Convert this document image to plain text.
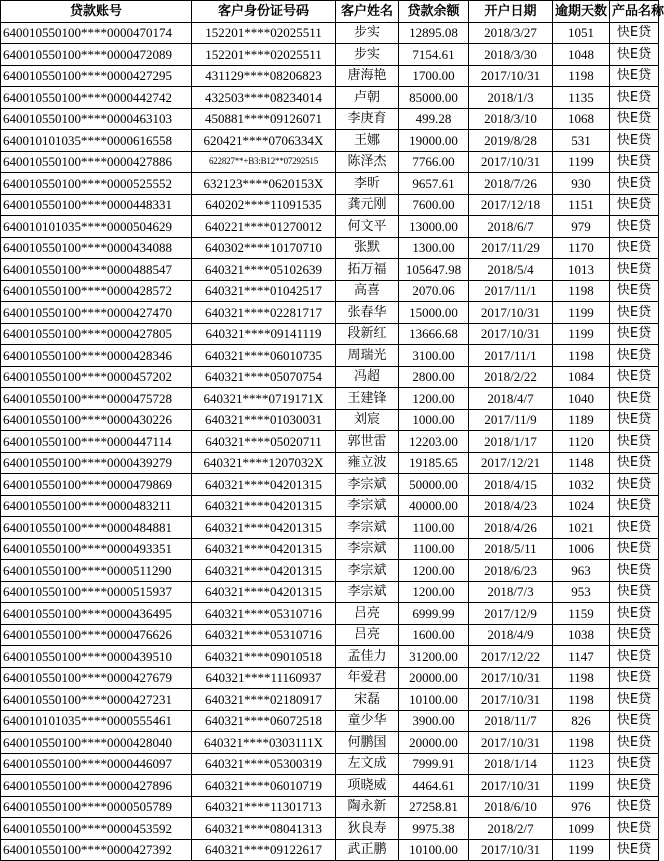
贷款账号	客户身份证号码	客户姓名	贷款余额	开户日期	逾期天数	产品名称
640010550100****0000470174	152201****02025511	步实	12895.08	2018/3/27	1051	快E贷
640010550100****0000472089	152201****02025511	步实	7154.61	2018/3/30	1048	快E贷
640010550100****0000427295	431129****08206823	唐海艳	1700.00	2017/10/31	1198	快E贷
640010550100****0000442742	432503****08234014	卢朝	85000.00	2018/1/3	1135	快E贷
640010550100****0000463103	450881****09126071	李庚育	499.28	2018/3/10	1068	快E贷
640010101035****0000616558	620421****0706334X	王娜	19000.00	2019/8/28	531	快E贷
640010550100****0000427886	622827**+B3:B12**07292515	陈泽杰	7766.00	2017/10/31	1199	快E贷
640010550100****0000525552	632123****0620153X	李昕	9657.61	2018/7/26	930	快E贷
640010550100****0000448331	640202****11091535	龚元刚	7600.00	2017/12/18	1151	快E贷
640010101035****0000504629	640221****01270012	何文平	13000.00	2018/6/7	979	快E贷
640010550100****0000434088	640302****10170710	张默	1300.00	2017/11/29	1170	快E贷
640010550100****0000488547	640321****05102639	拓万福	105647.98	2018/5/4	1013	快E贷
640010550100****0000428572	640321****01042517	高喜	2070.06	2017/11/1	1198	快E贷
640010550100****0000427470	640321****02281717	张春华	15000.00	2017/10/31	1199	快E贷
640010550100****0000427805	640321****09141119	段新红	13666.68	2017/10/31	1199	快E贷
640010550100****0000428346	640321****06010735	周瑞光	3100.00	2017/11/1	1198	快E贷
640010550100****0000457202	640321****05070754	冯超	2800.00	2018/2/22	1084	快E贷
640010550100****0000475728	640321****0719171X	王建锋	1200.00	2018/4/7	1040	快E贷
640010550100****0000430226	640321****01030031	刘宸	1000.00	2017/11/9	1189	快E贷
640010550100****0000447114	640321****05020711	郭世雷	12203.00	2018/1/17	1120	快E贷
640010550100****0000439279	640321****1207032X	雍立波	19185.65	2017/12/21	1148	快E贷
640010550100****0000479869	640321****04201315	李宗斌	50000.00	2018/4/15	1032	快E贷
640010550100****0000483211	640321****04201315	李宗斌	40000.00	2018/4/23	1024	快E贷
640010550100****0000484881	640321****04201315	李宗斌	1100.00	2018/4/26	1021	快E贷
640010550100****0000493351	640321****04201315	李宗斌	1100.00	2018/5/11	1006	快E贷
640010550100****0000511290	640321****04201315	李宗斌	1200.00	2018/6/23	963	快E贷
640010550100****0000515937	640321****04201315	李宗斌	1200.00	2018/7/3	953	快E贷
640010550100****0000436495	640321****05310716	吕亮	6999.99	2017/12/9	1159	快E贷
640010550100****0000476626	640321****05310716	吕亮	1600.00	2018/4/9	1038	快E贷
640010550100****0000439510	640321****09010518	孟佳力	31200.00	2017/12/22	1147	快E贷
640010550100****0000427679	640321****11160937	年爱君	20000.00	2017/10/31	1198	快E贷
640010550100****0000427231	640321****02180917	宋磊	10100.00	2017/10/31	1198	快E贷
640010101035****0000555461	640321****06072518	童少华	3900.00	2018/11/7	826	快E贷
640010550100****0000428040	640321****0303111X	何鹏国	20000.00	2017/10/31	1198	快E贷
640010550100****0000446097	640321****05300319	左文成	7999.91	2018/1/14	1123	快E贷
640010550100****0000427896	640321****06010719	项晓威	4464.61	2017/10/31	1199	快E贷
640010550100****0000505789	640321****11301713	陶永新	27258.81	2018/6/10	976	快E贷
640010550100****0000453592	640321****08041313	狄良寿	9975.38	2018/2/7	1099	快E贷
640010550100****0000427392	640321****09122617	武正鹏	10100.00	2017/10/31	1199	快E贷
